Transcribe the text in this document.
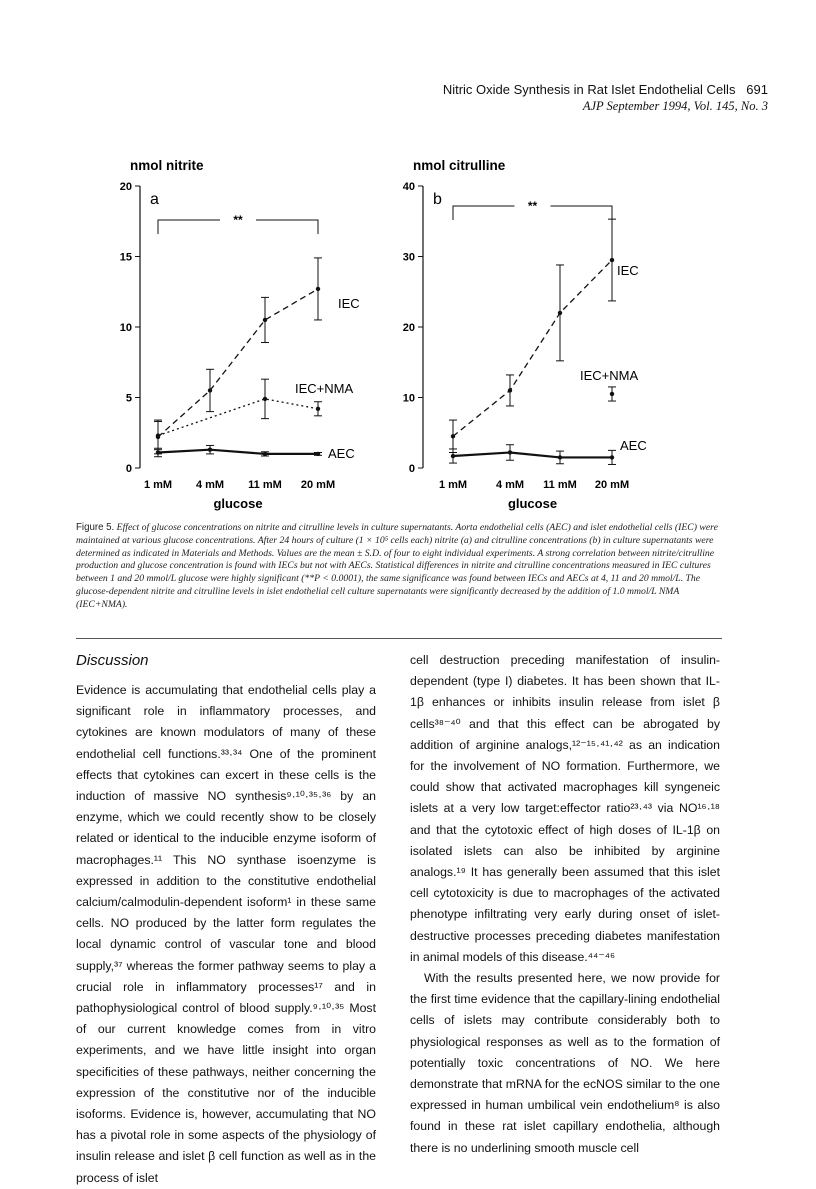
Nitric Oxide Synthesis in Rat Islet Endothelial Cells 691
AJP September 1994, Vol. 145, No. 3
nmol nitrite
a
0
5
10
15
20
1 mM 4 mM 11 mM 20 mM
glucose
**
IEC
IEC+NMA
AEC
nmol citrulline
b
0
10
20
30
40
1 mM	4 mM 11 mM 20 mM
glucose
**
IEC
IEC+NMA
AEC
Figure 5. Effect of glucose concentrations on nitrite and citrulline levels in culture supernatants. Aorta endothelial cells (AEC) and islet endothelial cells (IEC) were maintained at various glucose concentrations. After 24 hours of culture (1 × 10⁵ cells each) nitrite (a) and citrulline concentrations (b) in culture supernatants were determined as indicated in Materials and Methods. Values are the mean ± S.D. of four to eight individual experiments. A strong correlation between nitrite/citrulline production and glucose concentration is found with IECs but not with AECs. Statistical differences in nitrite and citrulline concentrations measured in IEC cultures between 1 and 20 mmol/L glucose were highly significant (**P < 0.0001), the same significance was found between IECs and AECs at 4, 11 and 20 mmol/L. The glucose-dependent nitrite and citrulline levels in islet endothelial cell culture supernatants were significantly decreased by the addition of 1.0 mmol/L NMA (IEC+NMA).
Discussion

Evidence is accumulating that endothelial cells play a significant role in inflammatory processes, and cytokines are known modulators of many of these endothelial cell functions.³³·³⁴ One of the prominent effects that cytokines can excert in these cells is the induction of massive NO synthesis⁹·¹⁰·³⁵·³⁶ by an enzyme, which we could recently show to be closely related or identical to the inducible enzyme isoform of macrophages.¹¹ This NO synthase isoenzyme is expressed in addition to the constitutive endothelial calcium/calmodulin-dependent isoform¹ in these same cells. NO produced by the latter form regulates the local dynamic control of vascular tone and blood supply,³⁷ whereas the former pathway seems to play a crucial role in inflammatory processes¹⁷ and in pathophysiological control of blood supply.⁹·¹⁰·³⁵ Most of our current knowledge comes from in vitro experiments, and we have little insight into organ specificities of these pathways, neither concerning the expression of the constitutive nor of the inducible isoforms. Evidence is, however, accumulating that NO has a pivotal role in some aspects of the physiology of insulin release and islet β cell function as well as in the process of islet

cell destruction preceding manifestation of insulin-dependent (type I) diabetes. It has been shown that IL-1β enhances or inhibits insulin release from islet β cells³⁸⁻⁴⁰ and that this effect can be abrogated by addition of arginine analogs,¹²⁻¹⁵·⁴¹·⁴² as an indication for the involvement of NO formation. Furthermore, we could show that activated macrophages kill syngeneic islets at a very low target:effector ratio²³·⁴³ via NO¹⁶·¹⁸ and that the cytotoxic effect of high doses of IL-1β on isolated islets can also be inhibited by arginine analogs.¹⁹ It has generally been assumed that this islet cell cytotoxicity is due to macrophages of the activated phenotype infiltrating very early during onset of islet-destructive processes preceding diabetes manifestation in animal models of this disease.⁴⁴⁻⁴⁶

With the results presented here, we now provide for the first time evidence that the capillary-lining endothelial cells of islets may contribute considerably both to physiological responses as well as to the formation of potentially toxic concentrations of NO. We here demonstrate that mRNA for the ecNOS similar to the one expressed in human umbilical vein endothelium⁸ is also found in these rat islet capillary endothelia, although there is no underlining smooth muscle cell
